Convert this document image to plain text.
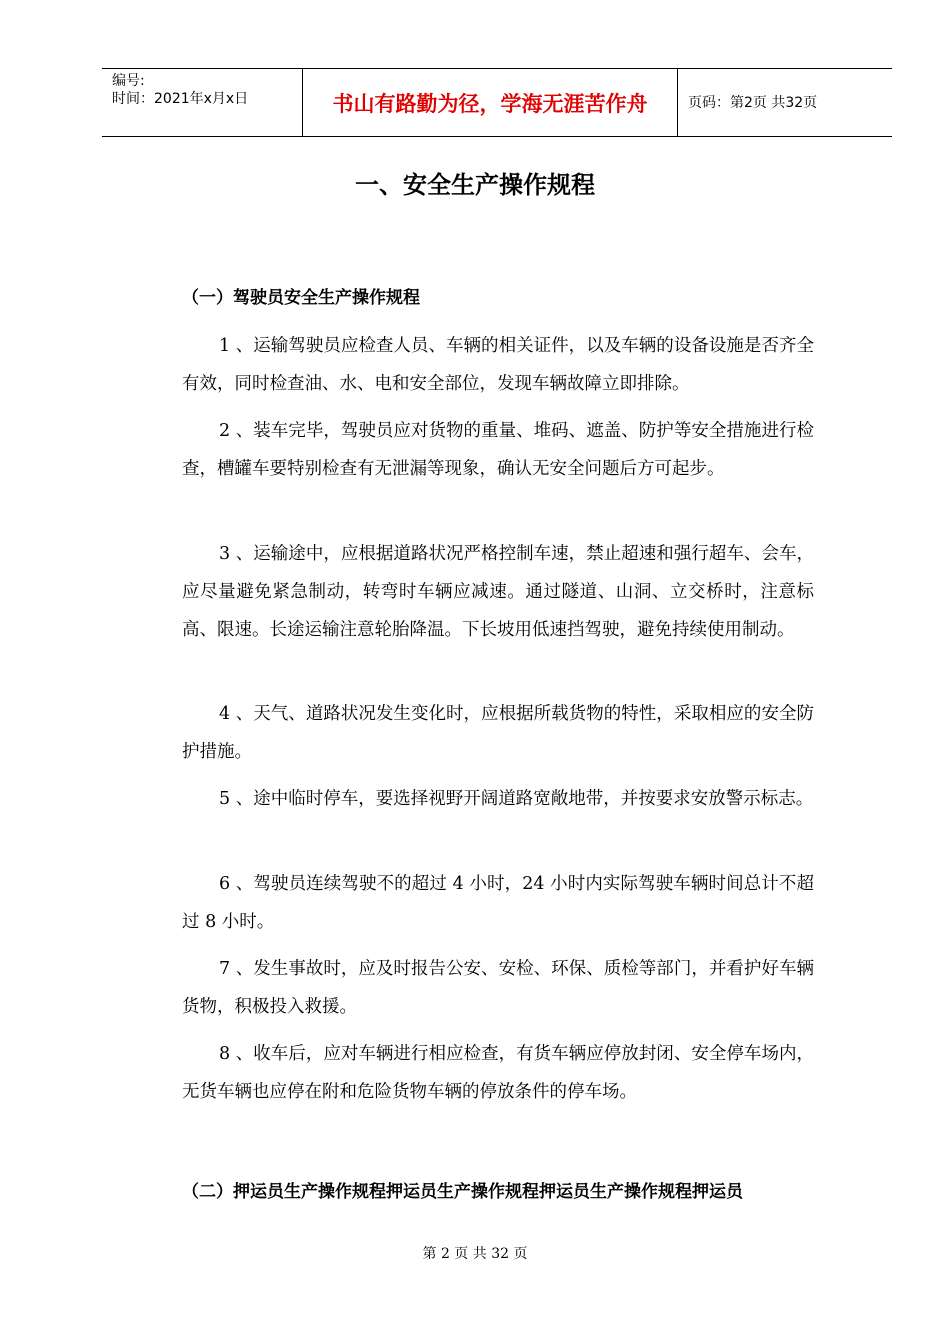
编号:
时间：2021年x月x日	书山有路勤为径，学海无涯苦作舟	页码：第2页 共32页
一、安全生产操作规程
（一）驾驶员安全生产操作规程
1 、运输驾驶员应检查人员、车辆的相关证件，以及车辆的设备设施是否齐全有效，同时检查油、水、电和安全部位，发现车辆故障立即排除。
2 、装车完毕，驾驶员应对货物的重量、堆码、遮盖、防护等安全措施进行检查，槽罐车要特别检查有无泄漏等现象，确认无安全问题后方可起步。
3 、运输途中，应根据道路状况严格控制车速，禁止超速和强行超车、会车，应尽量避免紧急制动，转弯时车辆应减速。通过隧道、山洞、立交桥时，注意标高、限速。长途运输注意轮胎降温。下长坡用低速挡驾驶，避免持续使用制动。
4 、天气、道路状况发生变化时，应根据所载货物的特性，采取相应的安全防护措施。
5 、途中临时停车，要选择视野开阔道路宽敞地带，并按要求安放警示标志。
6 、驾驶员连续驾驶不的超过 4 小时，24 小时内实际驾驶车辆时间总计不超过 8 小时。
7 、发生事故时，应及时报告公安、安检、环保、质检等部门，并看护好车辆货物，积极投入救援。
8 、收车后，应对车辆进行相应检查，有货车辆应停放封闭、安全停车场内，无货车辆也应停在附和危险货物车辆的停放条件的停车场。
（二）押运员生产操作规程押运员生产操作规程押运员生产操作规程押运员
第 2 页 共 32 页
